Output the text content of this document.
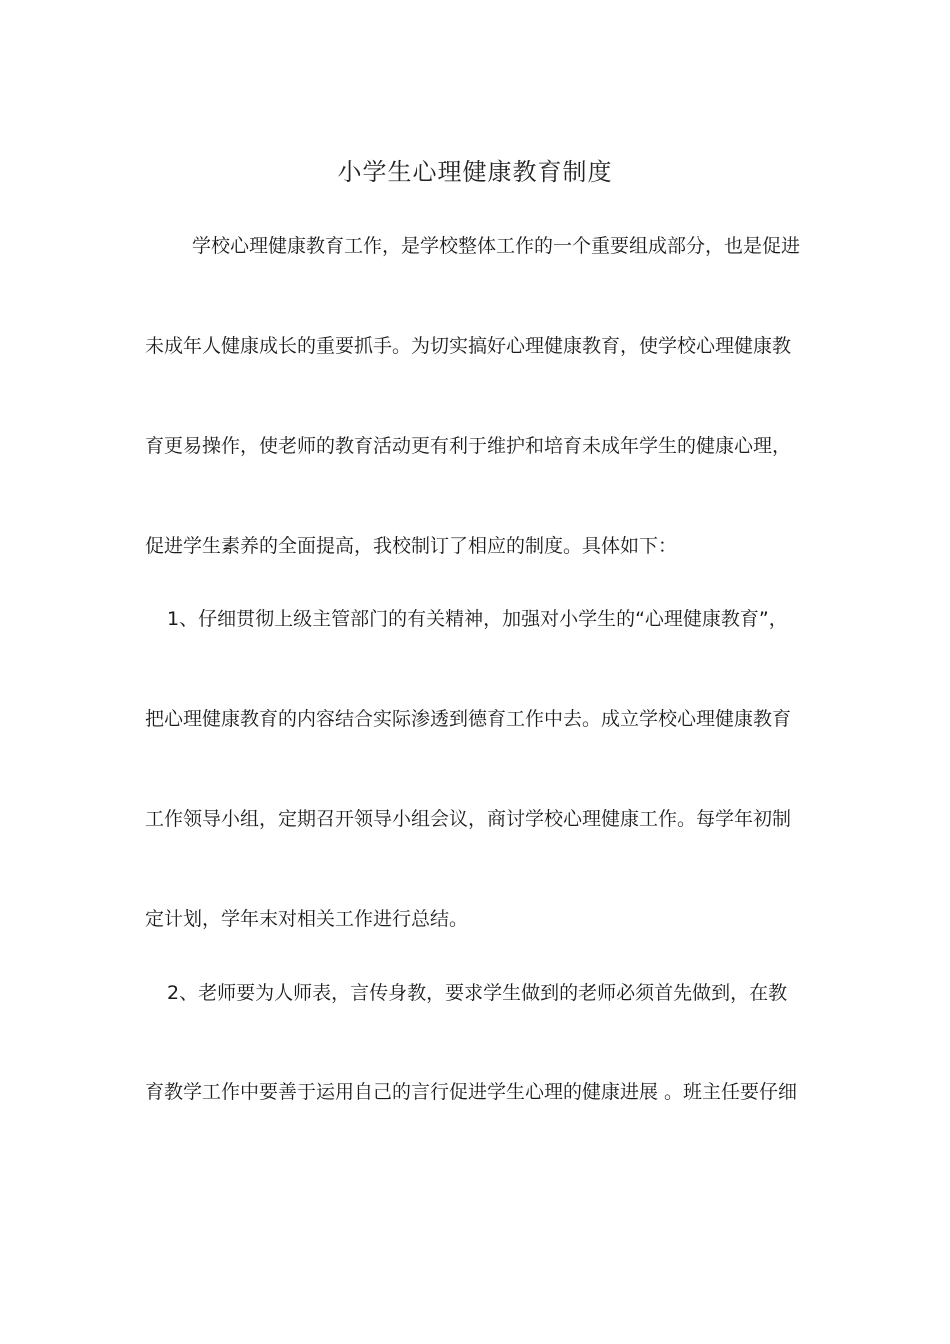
小学生心理健康教育制度
学校心理健康教育工作，是学校整体工作的一个重要组成部分，也是促进
未成年人健康成长的重要抓手。为切实搞好心理健康教育，使学校心理健康教
育更易操作，使老师的教育活动更有利于维护和培育未成年学生的健康心理，
促进学生素养的全面提高，我校制订了相应的制度。具体如下：
1、仔细贯彻上级主管部门的有关精神，加强对小学生的“心理健康教育”，
把心理健康教育的内容结合实际渗透到德育工作中去。成立学校心理健康教育
工作领导小组，定期召开领导小组会议，商讨学校心理健康工作。每学年初制
定计划，学年末对相关工作进行总结。
2、老师要为人师表，言传身教，要求学生做到的老师必须首先做到，在教
育教学工作中要善于运用自己的言行促进学生心理的健康进展 。班主任要仔细
